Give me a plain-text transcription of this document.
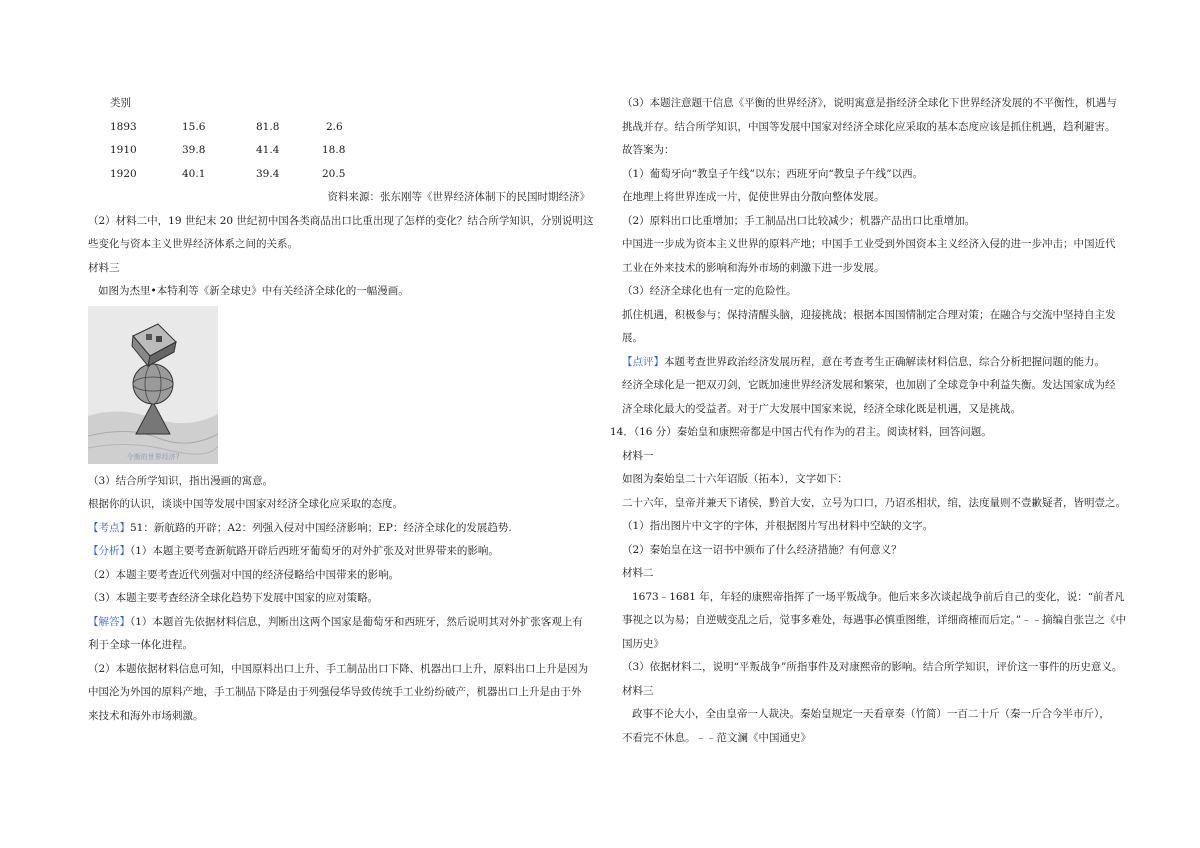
类别
1893	15.6	81.8	2.6
1910	39.8	41.4	18.8
1920	40.1	39.4	20.5
资料来源：张东刚等《世界经济体制下的民国时期经济》
（2）材料二中，19 世纪末 20 世纪初中国各类商品出口比重出现了怎样的变化？结合所学知识，分别说明这
些变化与资本主义世界经济体系之间的关系。
材料三
如图为杰里•本特利等《新全球史》中有关经济全球化的一幅漫画。
令衡的世界经济?
（3）结合所学知识，指出漫画的寓意。
根据你的认识，谈谈中国等发展中国家对经济全球化应采取的态度。
【考点】51：新航路的开辟；A2：列强入侵对中国经济影响；EP：经济全球化的发展趋势.
【分析】（1）本题主要考查新航路开辟后西班牙葡萄牙的对外扩张及对世界带来的影响。
（2）本题主要考查近代列强对中国的经济侵略给中国带来的影响。
（3）本题主要考查经济全球化趋势下发展中国家的应对策略。
【解答】（1）本题首先依据材料信息，判断出这两个国家是葡萄牙和西班牙，然后说明其对外扩张客观上有
利于全球一体化进程。
（2）本题依据材料信息可知，中国原料出口上升、手工制品出口下降、机器出口上升，原料出口上升是因为
中国沦为外国的原料产地，手工制品下降是由于列强侵华导致传统手工业纷纷破产，机器出口上升是由于外
来技术和海外市场刺激。
（3）本题注意题干信息《平衡的世界经济》，说明寓意是指经济全球化下世界经济发展的不平衡性，机遇与
挑战并存。结合所学知识，中国等发展中国家对经济全球化应采取的基本态度应该是抓住机遇，趋利避害。
故答案为：
（1）葡萄牙向“教皇子午线”以东；西班牙向“教皇子午线”以西。
在地理上将世界连成一片，促使世界由分散向整体发展。
（2）原料出口比重增加；手工制品出口比较减少；机器产品出口比重增加。
中国进一步成为资本主义世界的原料产地；中国手工业受到外国资本主义经济入侵的进一步冲击；中国近代
工业在外来技术的影响和海外市场的刺激下进一步发展。
（3）经济全球化也有一定的危险性。
抓住机遇，积极参与；保持清醒头脑，迎接挑战；根据本国国情制定合理对策；在融合与交流中坚持自主发
展。
【点评】本题考查世界政治经济发展历程，意在考查考生正确解读材料信息，综合分析把握问题的能力。
经济全球化是一把双刃剑，它既加速世界经济发展和繁荣，也加剧了全球竞争中利益失衡。发达国家成为经
济全球化最大的受益者。对于广大发展中国家来说，经济全球化既是机遇，又是挑战。
14．（16 分）秦始皇和康熙帝都是中国古代有作为的君主。阅读材料，回答问题。
材料一
如图为秦始皇二十六年诏版（拓本），文字如下：
二十六年，皇帝并兼天下诸侯，黔首大安，立号为口口，乃诏丞相状，绾，法度量则不壹歉疑者，皆明壹之。
（1）指出图片中文字的字体，并根据图片写出材料中空缺的文字。
（2）秦始皇在这一诏书中颁布了什么经济措施？有何意义？
材料二
1673﹣1681 年，年轻的康熙帝指挥了一场平叛战争。他后来多次谈起战争前后自己的变化，说：“前者凡
事视之以为易；自逆贼变乱之后，觉事多难处，每遇事必慎重图维，详细商榷而后定。”﹣﹣摘编自张岂之《中
国历史》
（3）依据材料二，说明“平叛战争”所指事件及对康熙帝的影响。结合所学知识，评价这一事件的历史意义。
材料三
政事不论大小，全由皇帝一人裁决。秦始皇规定一天看章奏（竹简）一百二十斤（秦一斤合今半市斤），
不看完不休息。﹣﹣范文澜《中国通史》
